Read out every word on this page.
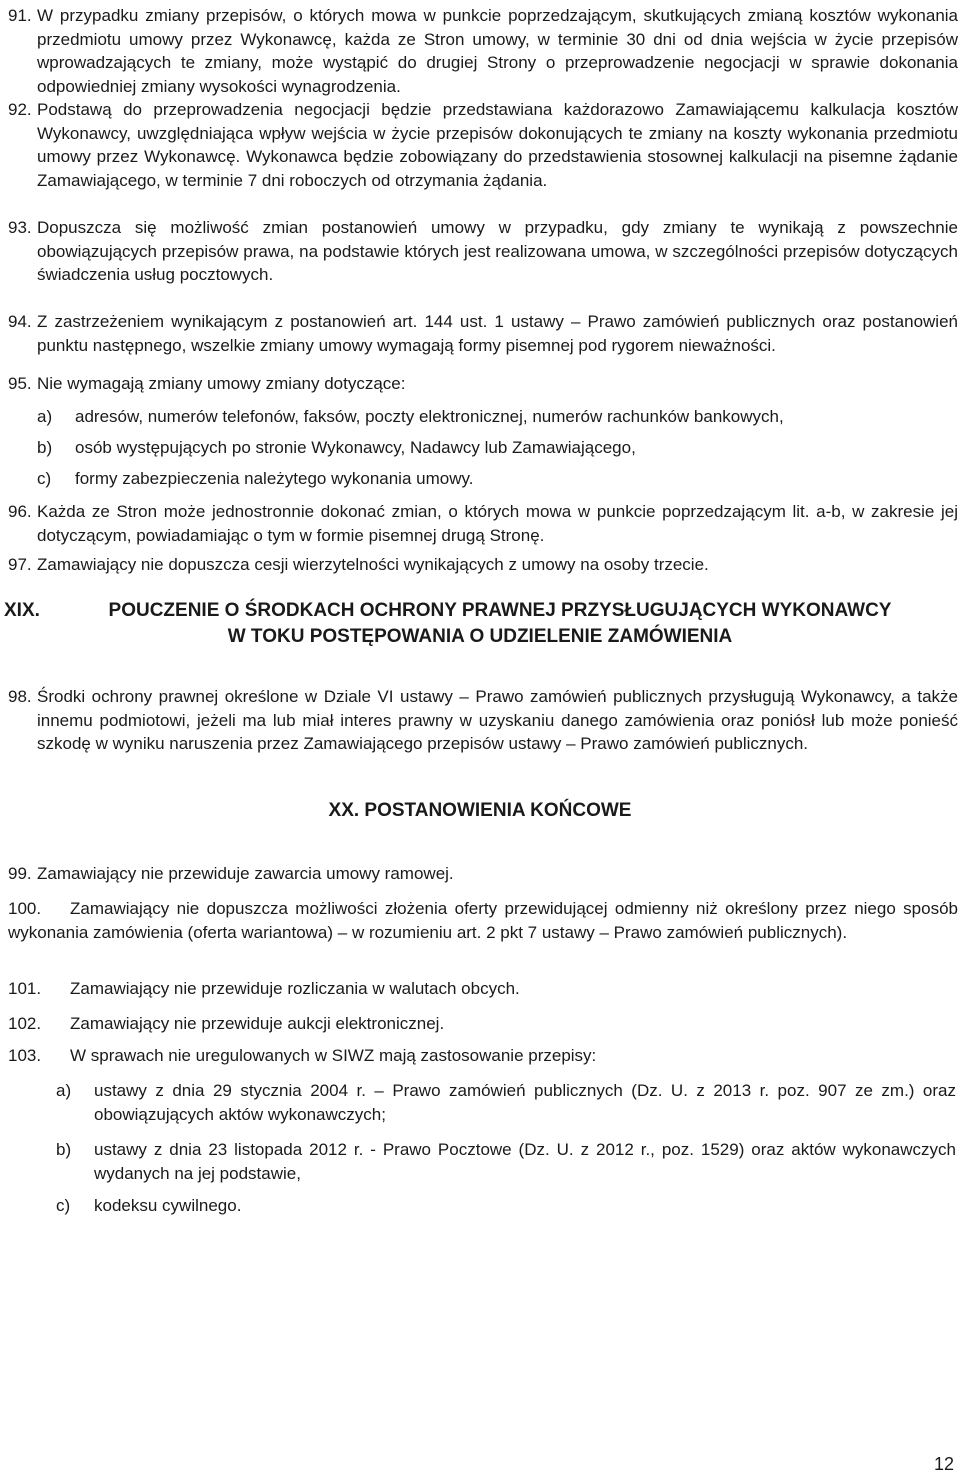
91. W przypadku zmiany przepisów, o których mowa w punkcie poprzedzającym, skutkujących zmianą kosztów wykonania przedmiotu umowy przez Wykonawcę, każda ze Stron umowy, w terminie 30 dni od dnia wejścia w życie przepisów wprowadzających te zmiany, może wystąpić do drugiej Strony o przeprowadzenie negocjacji w sprawie dokonania odpowiedniej zmiany wysokości wynagrodzenia.

92. Podstawą do przeprowadzenia negocjacji będzie przedstawiana każdorazowo Zamawiającemu kalkulacja kosztów Wykonawcy, uwzględniająca wpływ wejścia w życie przepisów dokonujących te zmiany na koszty wykonania przedmiotu umowy przez Wykonawcę. Wykonawca będzie zobowiązany do przedstawienia stosownej kalkulacji na pisemne żądanie Zamawiającego, w terminie 7 dni roboczych od otrzymania żądania.

93. Dopuszcza się możliwość zmian postanowień umowy w przypadku, gdy zmiany te wynikają z powszechnie obowiązujących przepisów prawa, na podstawie których jest realizowana umowa, w szczególności przepisów dotyczących świadczenia usług pocztowych.

94. Z zastrzeżeniem wynikającym z postanowień art. 144 ust. 1 ustawy – Prawo zamówień publicznych oraz postanowień punktu następnego, wszelkie zmiany umowy wymagają formy pisemnej pod rygorem nieważności.

95. Nie wymagają zmiany umowy zmiany dotyczące:

a) adresów, numerów telefonów, faksów, poczty elektronicznej, numerów rachunków bankowych,

b) osób występujących po stronie Wykonawcy, Nadawcy lub Zamawiającego,

c) formy zabezpieczenia należytego wykonania umowy.

96. Każda ze Stron może jednostronnie dokonać zmian, o których mowa w punkcie poprzedzającym lit. a-b, w zakresie jej dotyczącym, powiadamiając o tym w formie pisemnej drugą Stronę.

97. Zamawiający nie dopuszcza cesji wierzytelności wynikających z umowy na osoby trzecie.

XIX.	POUCZENIE O ŚRODKACH OCHRONY PRAWNEJ PRZYSŁUGUJĄCYCH WYKONAWCY
W TOKU POSTĘPOWANIA O UDZIELENIE ZAMÓWIENIA

98. Środki ochrony prawnej określone w Dziale VI ustawy – Prawo zamówień publicznych przysługują Wykonawcy, a także innemu podmiotowi, jeżeli ma lub miał interes prawny w uzyskaniu danego zamówienia oraz poniósł lub może ponieść szkodę w wyniku naruszenia przez Zamawiającego przepisów ustawy – Prawo zamówień publicznych.

XX. POSTANOWIENIA KOŃCOWE

99. Zamawiający nie przewiduje zawarcia umowy ramowej.

100.	Zamawiający nie dopuszcza możliwości złożenia oferty przewidującej odmienny niż określony przez niego sposób wykonania zamówienia (oferta wariantowa) – w rozumieniu art. 2 pkt 7 ustawy – Prawo zamówień publicznych).

101. Zamawiający nie przewiduje rozliczania w walutach obcych.

102. Zamawiający nie przewiduje aukcji elektronicznej.

103. W sprawach nie uregulowanych w SIWZ mają zastosowanie przepisy:

a) ustawy z dnia 29 stycznia 2004 r. – Prawo zamówień publicznych (Dz. U. z 2013 r. poz. 907 ze zm.) oraz obowiązujących aktów wykonawczych;

b) ustawy z dnia 23 listopada 2012 r. - Prawo Pocztowe (Dz. U. z 2012 r., poz. 1529) oraz aktów wykonawczych wydanych na jej podstawie,

c) kodeksu cywilnego.

12
